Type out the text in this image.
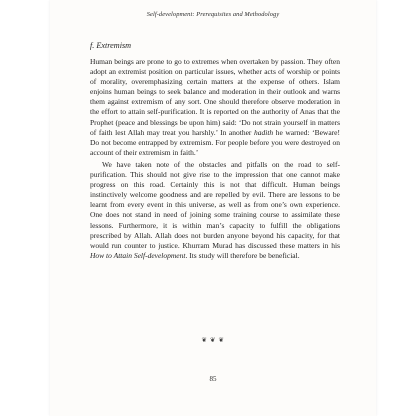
Self-development: Prerequisites and Methodology
f. Extremism

Human beings are prone to go to extremes when overtaken by passion. They often adopt an extremist position on particular issues, whether acts of worship or points of morality, overemphasizing certain matters at the expense of others. Islam enjoins human beings to seek balance and moderation in their outlook and warns them against extremism of any sort. One should therefore observe moderation in the effort to attain self-purification. It is reported on the authority of Anas that the Prophet (peace and blessings be upon him) said: ‘Do not strain yourself in matters of faith lest Allah may treat you harshly.’ In another hadith he warned: ‘Beware! Do not become entrapped by extremism. For people before you were destroyed on account of their extremism in faith.’

We have taken note of the obstacles and pitfalls on the road to self-purification. This should not give rise to the impression that one cannot make progress on this road. Certainly this is not that difficult. Human beings instinctively welcome goodness and are repelled by evil. There are lessons to be learnt from every event in this universe, as well as from one’s own experience. One does not stand in need of joining some training course to assimilate these lessons. Furthermore, it is within man’s capacity to fulfill the obligations prescribed by Allah. Allah does not burden anyone beyond his capacity, for that would run counter to justice. Khurram Murad has discussed these matters in his How to Attain Self-development. Its study will therefore be beneficial.

❦ ❦ ❦
85
